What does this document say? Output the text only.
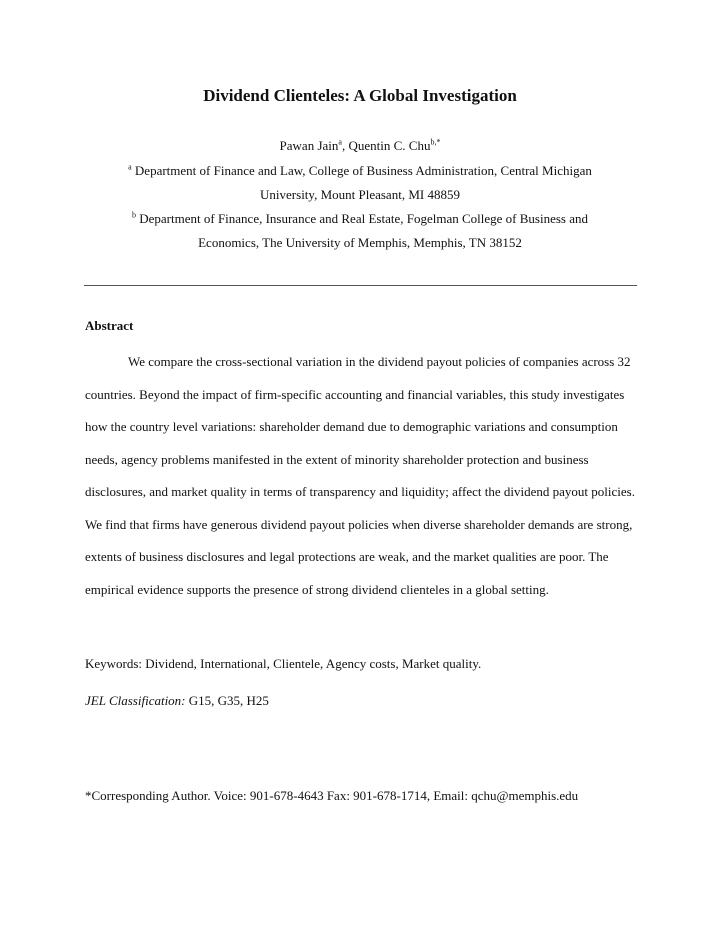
Dividend Clienteles: A Global Investigation
Pawan Jain$^a$, Quentin C. Chu$^{b,*}$
$^a$ Department of Finance and Law, College of Business Administration, Central Michigan
University, Mount Pleasant, MI 48859
$^b$ Department of Finance, Insurance and Real Estate, Fogelman College of Business and
Economics, The University of Memphis, Memphis, TN 38152
Abstract

We compare the cross-sectional variation in the dividend payout policies of companies across 32 countries. Beyond the impact of firm-specific accounting and financial variables, this study investigates how the country level variations: shareholder demand due to demographic variations and consumption needs, agency problems manifested in the extent of minority shareholder protection and business disclosures, and market quality in terms of transparency and liquidity; affect the dividend payout policies. We find that firms have generous dividend payout policies when diverse shareholder demands are strong, extents of business disclosures and legal protections are weak, and the market qualities are poor. The empirical evidence supports the presence of strong dividend clienteles in a global setting.

Keywords: Dividend, International, Clientele, Agency costs, Market quality.
JEL Classification: G15, G35, H25
*Corresponding Author. Voice: 901-678-4643 Fax: 901-678-1714, Email: qchu@memphis.edu
